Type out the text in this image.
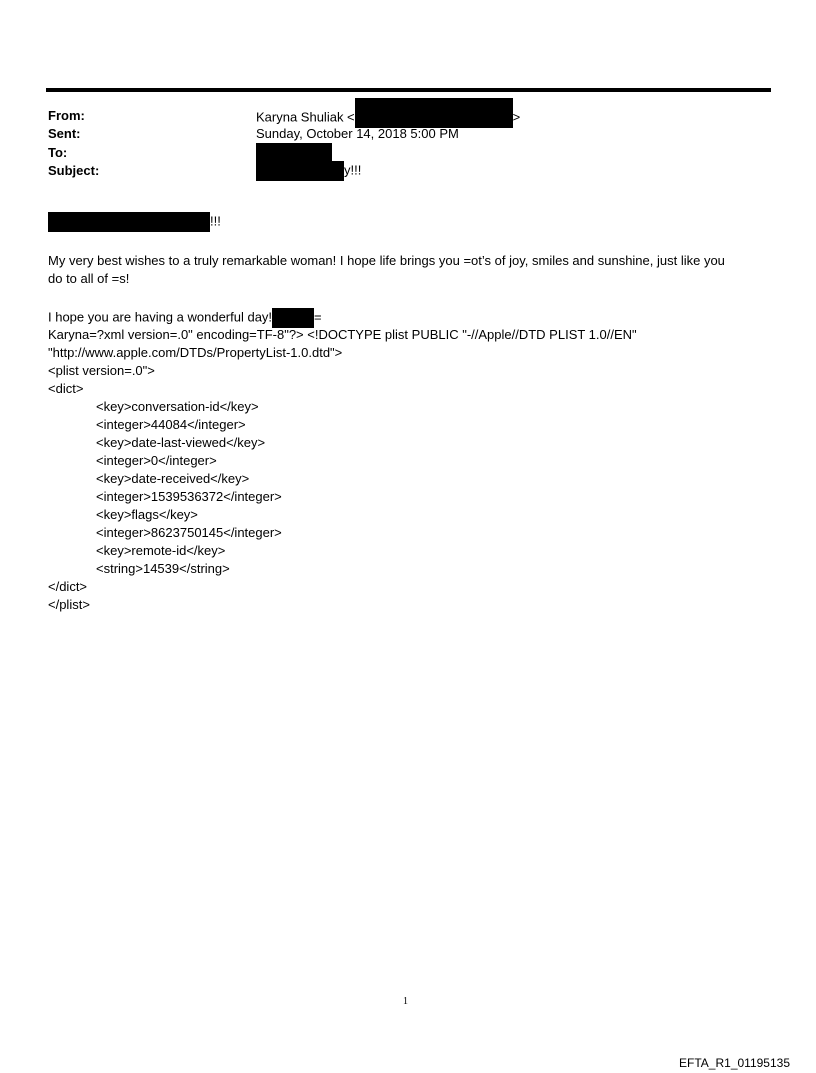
From:	Karyna Shuliak <	>
Sent:	Sunday, October 14, 2018 5:00 PM
To:
Subject:	y!!!
!!!
My very best wishes to a truly remarkable woman! I hope life brings you =ot’s of joy, smiles and sunshine, just like you
do to all of =s!
I hope you are having a wonderful day!	=
Karyna=?xml version=.0" encoding=TF-8"?> <!DOCTYPE plist PUBLIC "-//Apple//DTD PLIST 1.0//EN"
"http://www.apple.com/DTDs/PropertyList-1.0.dtd">
<plist version=.0">
<dict>
<key>conversation-id</key>
<integer>44084</integer>
<key>date-last-viewed</key>
<integer>0</integer>
<key>date-received</key>
<integer>1539536372</integer>
<key>flags</key>
<integer>8623750145</integer>
<key>remote-id</key>
<string>14539</string>
</dict>
</plist>
1
EFTA_R1_01195135
